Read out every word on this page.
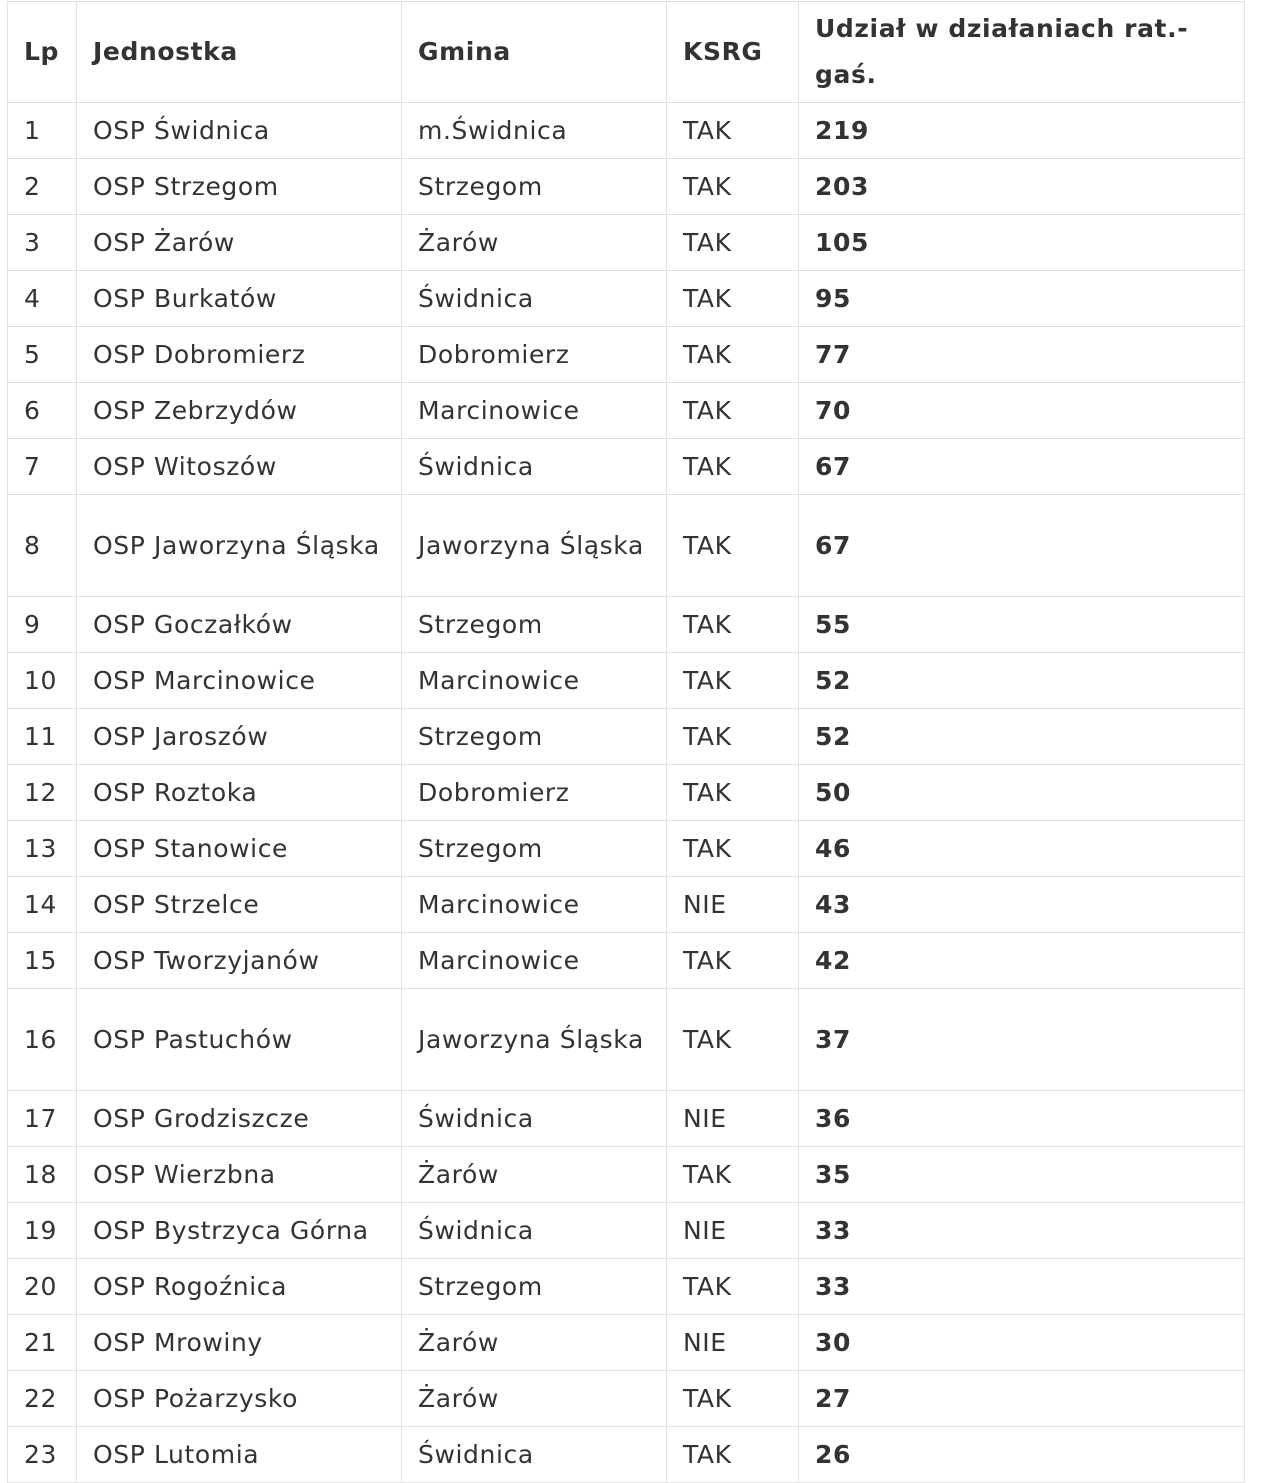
Lp	Jednostka	Gmina	KSRG	Udział w działaniach rat.-gaś.
1	OSP Świdnica	m.Świdnica	TAK	219
2	OSP Strzegom	Strzegom	TAK	203
3	OSP Żarów	Żarów	TAK	105
4	OSP Burkatów	Świdnica	TAK	95
5	OSP Dobromierz	Dobromierz	TAK	77
6	OSP Zebrzydów	Marcinowice	TAK	70
7	OSP Witoszów	Świdnica	TAK	67
8	OSP Jaworzyna Śląska	Jaworzyna Śląska	TAK	67
9	OSP Goczałków	Strzegom	TAK	55
10	OSP Marcinowice	Marcinowice	TAK	52
11	OSP Jaroszów	Strzegom	TAK	52
12	OSP Roztoka	Dobromierz	TAK	50
13	OSP Stanowice	Strzegom	TAK	46
14	OSP Strzelce	Marcinowice	NIE	43
15	OSP Tworzyjanów	Marcinowice	TAK	42
16	OSP Pastuchów	Jaworzyna Śląska	TAK	37
17	OSP Grodziszcze	Świdnica	NIE	36
18	OSP Wierzbna	Żarów	TAK	35
19	OSP Bystrzyca Górna	Świdnica	NIE	33
20	OSP Rogoźnica	Strzegom	TAK	33
21	OSP Mrowiny	Żarów	NIE	30
22	OSP Pożarzysko	Żarów	TAK	27
23	OSP Lutomia	Świdnica	TAK	26
